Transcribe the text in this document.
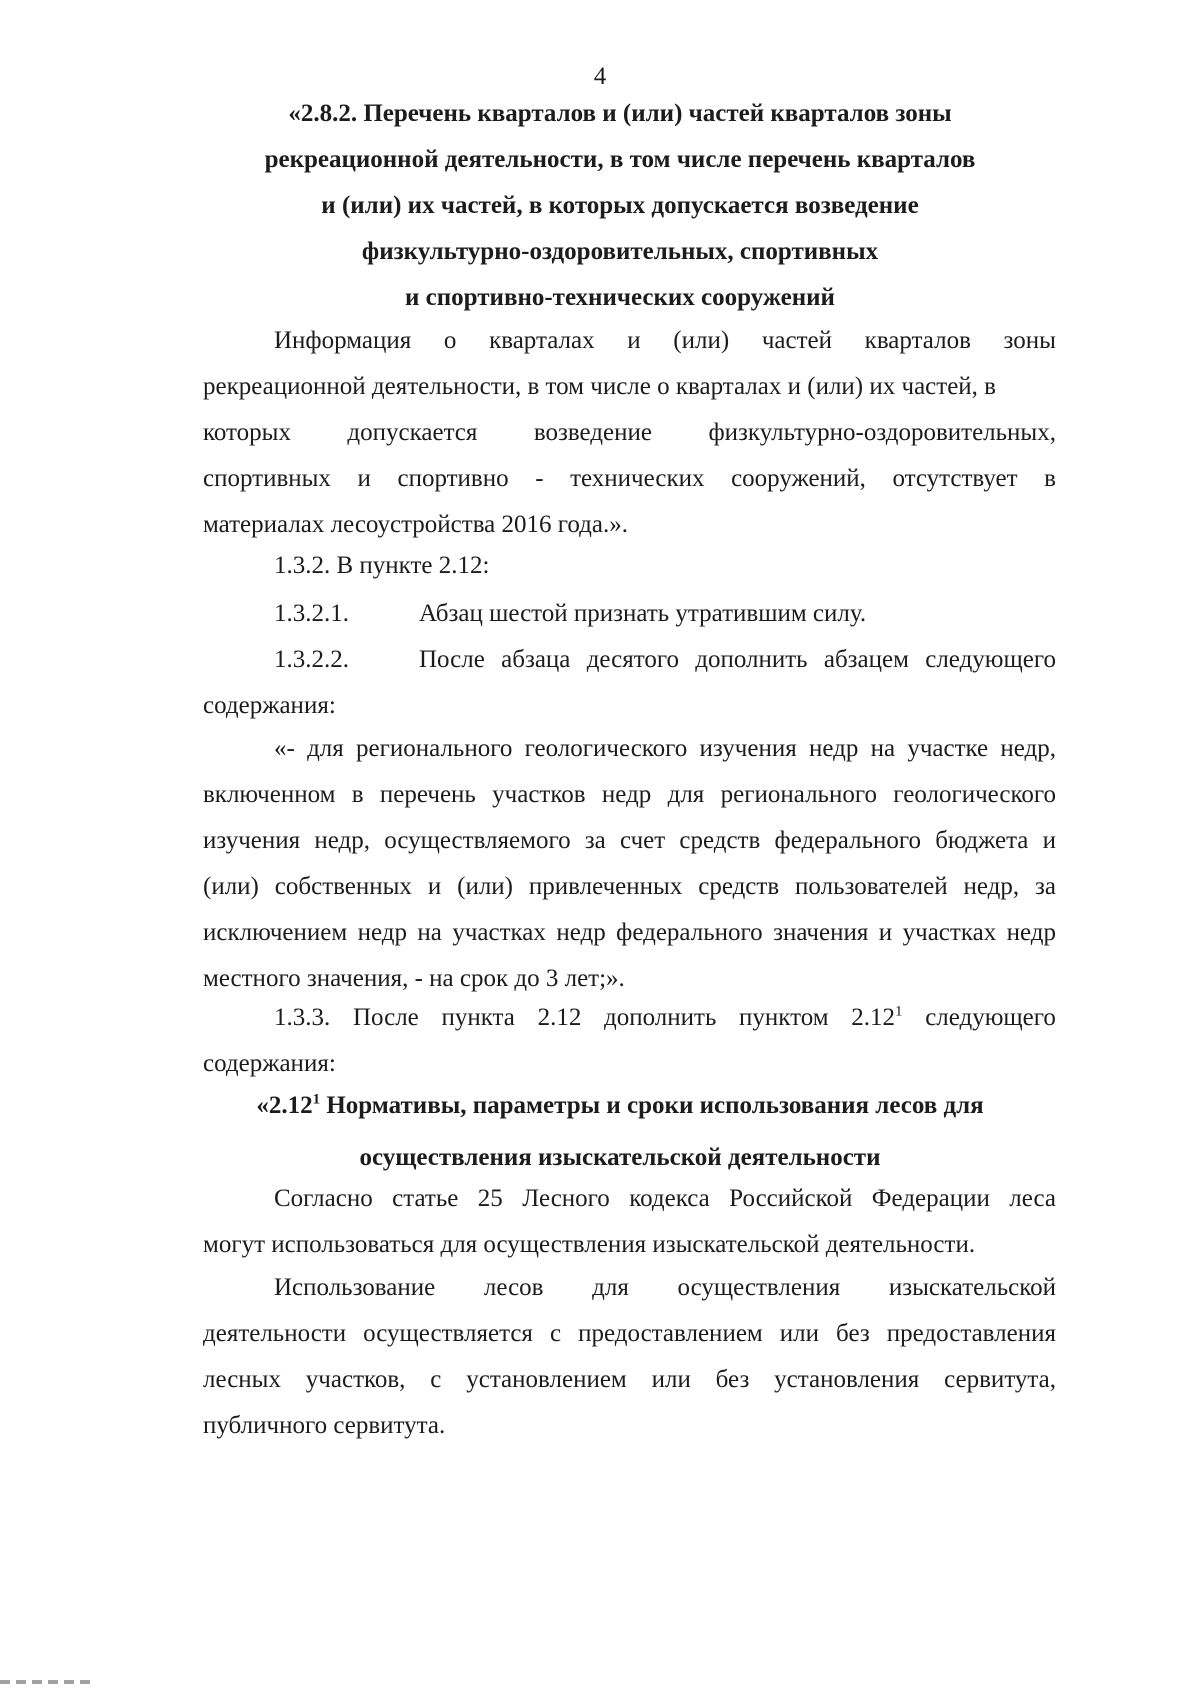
4
«2.8.2. Перечень кварталов и (или) частей кварталов зоны
рекреационной деятельности, в том числе перечень кварталов
и (или) их частей, в которых допускается возведение
физкультурно-оздоровительных, спортивных
и спортивно-технических сооружений
Информация о кварталах и (или) частей кварталов зоны
рекреационной деятельности, в том числе о кварталах и (или) их частей, в
которых допускается возведение физкультурно-оздоровительных,
спортивных и спортивно - технических сооружений, отсутствует в
материалах лесоустройства 2016 года.».
1.3.2. В пункте 2.12:
1.3.2.1.	Абзац шестой признать утратившим силу.
1.3.2.2.	После абзаца десятого дополнить абзацем следующего
содержания:
«- для регионального геологического изучения недр на участке недр,
включенном в перечень участков недр для регионального геологического
изучения недр, осуществляемого за счет средств федерального бюджета и
(или) собственных и (или) привлеченных средств пользователей недр, за
исключением недр на участках недр федерального значения и участках недр
местного значения, - на срок до 3 лет;».
1.3.3. После пункта 2.12 дополнить пунктом 2.12$^1$ следующего
содержания:
«2.12$^1$ Нормативы, параметры и сроки использования лесов для
осуществления изыскательской деятельности
Согласно статье 25 Лесного кодекса Российской Федерации леса
могут использоваться для осуществления изыскательской деятельности.
Использование лесов для осуществления изыскательской
деятельности осуществляется с предоставлением или без предоставления
лесных участков, с установлением или без установления сервитута,
публичного сервитута.
